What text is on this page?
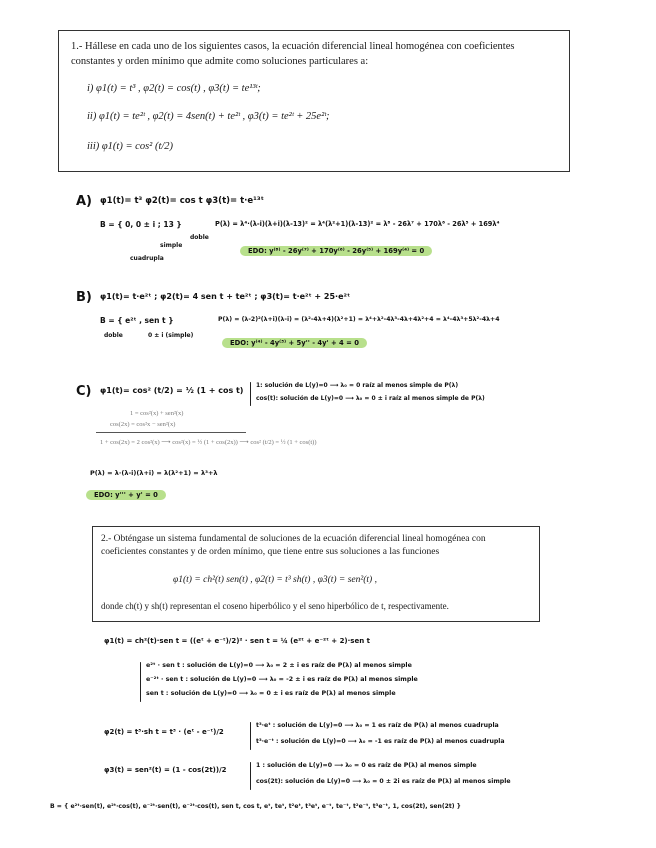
1.- Hállese en cada uno de los siguientes casos, la ecuación diferencial lineal homogénea con coeficientes constantes y orden mínimo que admite como soluciones particulares a:

i) φ1(t) = t³ , φ2(t) = cos(t) , φ3(t) = te¹³ᵗ;

ii) φ1(t) = te²ᵗ , φ2(t) = 4sen(t) + te²ᵗ , φ3(t) = te²ᵗ + 25e²ᵗ;

iii) φ1(t) = cos² (t/2)

A) φ1(t)= t³ φ2(t)= cos t φ3(t)= t·e¹³ᵗ
B = { 0, 0 ± i ; 13 }	P(λ) = λ⁴·(λ-i)(λ+i)(λ-13)² = λ⁴(λ²+1)(λ-13)² = λ⁸ - 26λ⁷ + 170λ⁶ - 26λ⁵ + 169λ⁴
doble
simple
cuadrupla
EDO: y⁽⁸⁾ - 26y⁽⁷⁾ + 170y⁽⁶⁾ - 26y⁽⁵⁾ + 169y⁽⁴⁾ = 0
B) φ1(t)= t·e²ᵗ ; φ2(t)= 4 sen t + te²ᵗ ; φ3(t)= t·e²ᵗ + 25·e²ᵗ
B = { e²ᵗ , sen t }	P(λ) = (λ-2)²(λ+i)(λ-i) = (λ²-4λ+4)(λ²+1) = λ⁴+λ²-4λ³-4λ+4λ²+4 = λ⁴-4λ³+5λ²-4λ+4
doble	0 ± i (simple)
EDO: y⁽⁴⁾ - 4y⁽³⁾ + 5y'' - 4y' + 4 = 0
C) φ1(t)= cos² (t/2) = ½ (1 + cos t)
1: solución de L(y)=0 ⟶ λ₀ = 0 raíz al menos simple de P(λ)
cos(t): solución de L(y)=0 ⟶ λ₀ = 0 ± i raíz al menos simple de P(λ)
1 = cos²(x) + sen²(x)
cos(2x) = cos²x − sen²(x)
1 + cos(2x) = 2 cos²(x) ⟶ cos²(x) = ½ (1 + cos(2x)) ⟶ cos² (t/2) = ½ (1 + cos(t))
P(λ) = λ·(λ-i)(λ+i) = λ(λ²+1) = λ³+λ
EDO: y''' + y' = 0

2.- Obténgase un sistema fundamental de soluciones de la ecuación diferencial lineal homogénea con coeficientes constantes y de orden mínimo, que tiene entre sus soluciones a las funciones

φ1(t) = ch²(t) sen(t) , φ2(t) = t³ sh(t) , φ3(t) = sen²(t) ,

donde ch(t) y sh(t) representan el coseno hiperbólico y el seno hiperbólico de t, respectivamente.

φ1(t) = ch²(t)·sen t = ((eᵗ + e⁻ᵗ)/2)² · sen t = ¼ (e²ᵗ + e⁻²ᵗ + 2)·sen t
e²ᵗ · sen t : solución de L(y)=0 ⟶ λ₀ = 2 ± i es raíz de P(λ) al menos simple
e⁻²ᵗ · sen t : solución de L(y)=0 ⟶ λ₀ = -2 ± i es raíz de P(λ) al menos simple
sen t : solución de L(y)=0 ⟶ λ₀ = 0 ± i es raíz de P(λ) al menos simple
φ2(t) = t³·sh t = t³ · (eᵗ - e⁻ᵗ)/2
t³·eᵗ : solución de L(y)=0 ⟶ λ₀ = 1 es raíz de P(λ) al menos cuadrupla
t³·e⁻ᵗ : solución de L(y)=0 ⟶ λ₀ = -1 es raíz de P(λ) al menos cuadrupla
φ3(t) = sen²(t) = (1 - cos(2t))/2
1 : solución de L(y)=0 ⟶ λ₀ = 0 es raíz de P(λ) al menos simple
cos(2t): solución de L(y)=0 ⟶ λ₀ = 0 ± 2i es raíz de P(λ) al menos simple
B = { e²ᵗ·sen(t), e²ᵗ·cos(t), e⁻²ᵗ·sen(t), e⁻²ᵗ·cos(t), sen t, cos t, eᵗ, teᵗ, t²eᵗ, t³eᵗ, e⁻ᵗ, te⁻ᵗ, t²e⁻ᵗ, t³e⁻ᵗ, 1, cos(2t), sen(2t) }
